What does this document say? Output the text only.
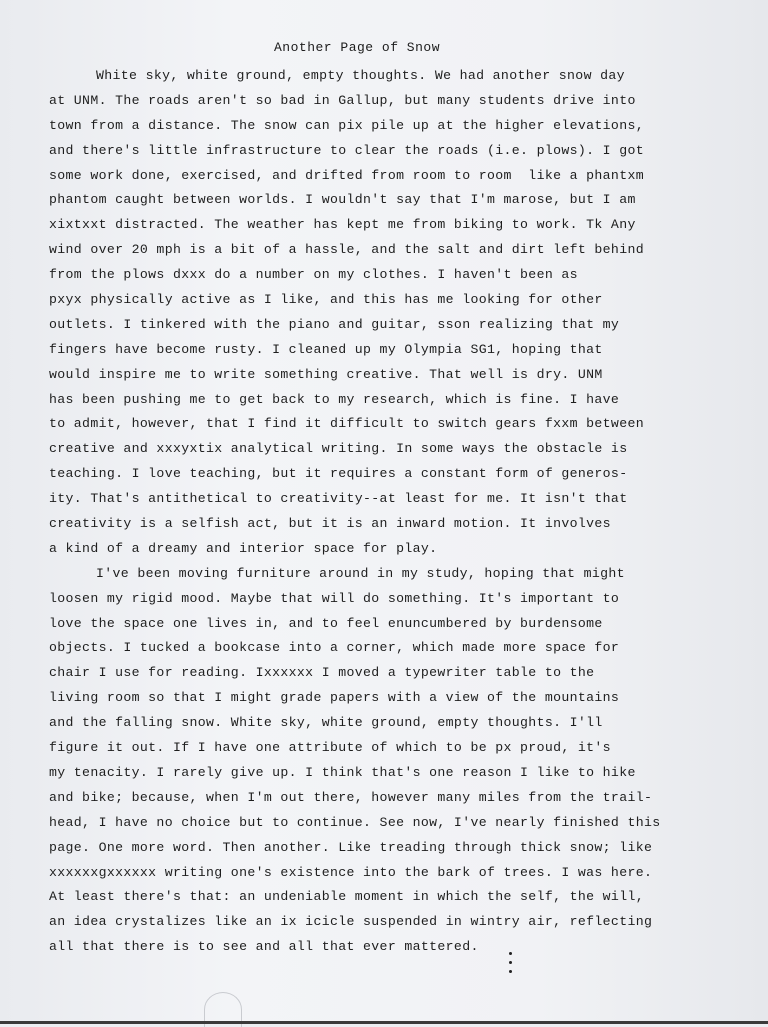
Another Page of Snow
White sky, white ground, empty thoughts. We had another snow day
at UNM. The roads aren't so bad in Gallup, but many students drive into
town from a distance. The snow can pix pile up at the higher elevations,
and there's little infrastructure to clear the roads (i.e. plows). I got
some work done, exercised, and drifted from room to room  like a phantxm
phantom caught between worlds. I wouldn't say that I'm marose, but I am
xixtxxt distracted. The weather has kept me from biking to work. Tk Any
wind over 20 mph is a bit of a hassle, and the salt and dirt left behind
from the plows dxxx do a number on my clothes. I haven't been as
pxyx physically active as I like, and this has me looking for other
outlets. I tinkered with the piano and guitar, sson realizing that my
fingers have become rusty. I cleaned up my Olympia SG1, hoping that
would inspire me to write something creative. That well is dry. UNM
has been pushing me to get back to my research, which is fine. I have
to admit, however, that I find it difficult to switch gears fxxm between
creative and xxxyxtix analytical writing. In some ways the obstacle is
teaching. I love teaching, but it requires a constant form of generos-
ity. That's antithetical to creativity--at least for me. It isn't that
creativity is a selfish act, but it is an inward motion. It involves
a kind of a dreamy and interior space for play.
I've been moving furniture around in my study, hoping that might
loosen my rigid mood. Maybe that will do something. It's important to
love the space one lives in, and to feel enuncumbered by burdensome
objects. I tucked a bookcase into a corner, which made more space for
chair I use for reading. Ixxxxxx I moved a typewriter table to the
living room so that I might grade papers with a view of the mountains
and the falling snow. White sky, white ground, empty thoughts. I'll
figure it out. If I have one attribute of which to be px proud, it's
my tenacity. I rarely give up. I think that's one reason I like to hike
and bike; because, when I'm out there, however many miles from the trail-
head, I have no choice but to continue. See now, I've nearly finished this
page. One more word. Then another. Like treading through thick snow; like
xxxxxxgxxxxxx writing one's existence into the bark of trees. I was here.
At least there's that: an undeniable moment in which the self, the will,
an idea crystalizes like an ix icicle suspended in wintry air, reflecting
all that there is to see and all that ever mattered.
